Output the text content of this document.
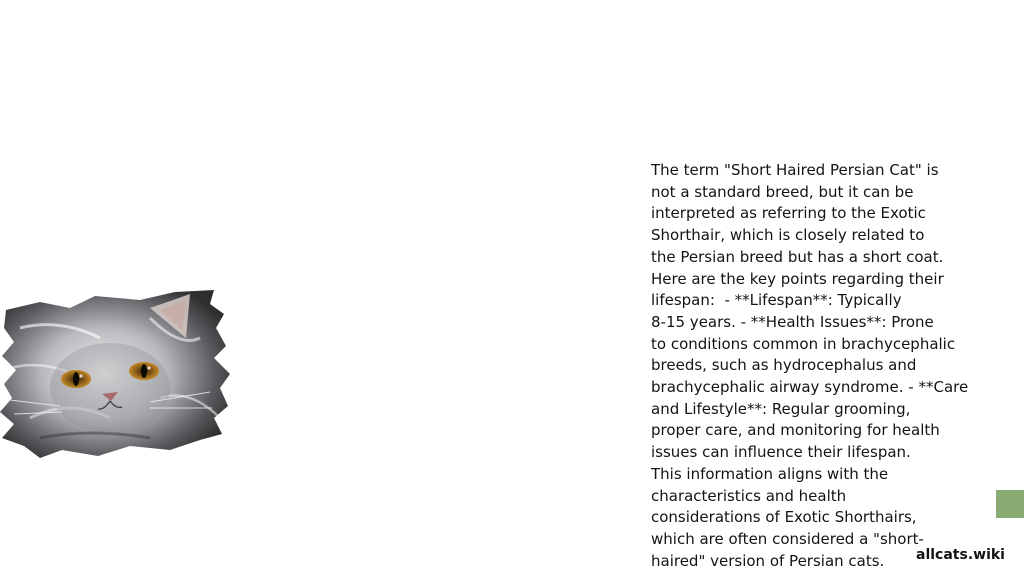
The term "Short Haired Persian Cat" is
not a standard breed, but it can be
interpreted as referring to the Exotic
Shorthair, which is closely related to
the Persian breed but has a short coat.
Here are the key points regarding their
lifespan:  - **Lifespan**: Typically
8-15 years. - **Health Issues**: Prone
to conditions common in brachycephalic
breeds, such as hydrocephalus and
brachycephalic airway syndrome. - **Care
and Lifestyle**: Regular grooming,
proper care, and monitoring for health
issues can influence their lifespan.
This information aligns with the
characteristics and health
considerations of Exotic Shorthairs,
which are often considered a "short-
haired" version of Persian cats.	allcats.wiki
